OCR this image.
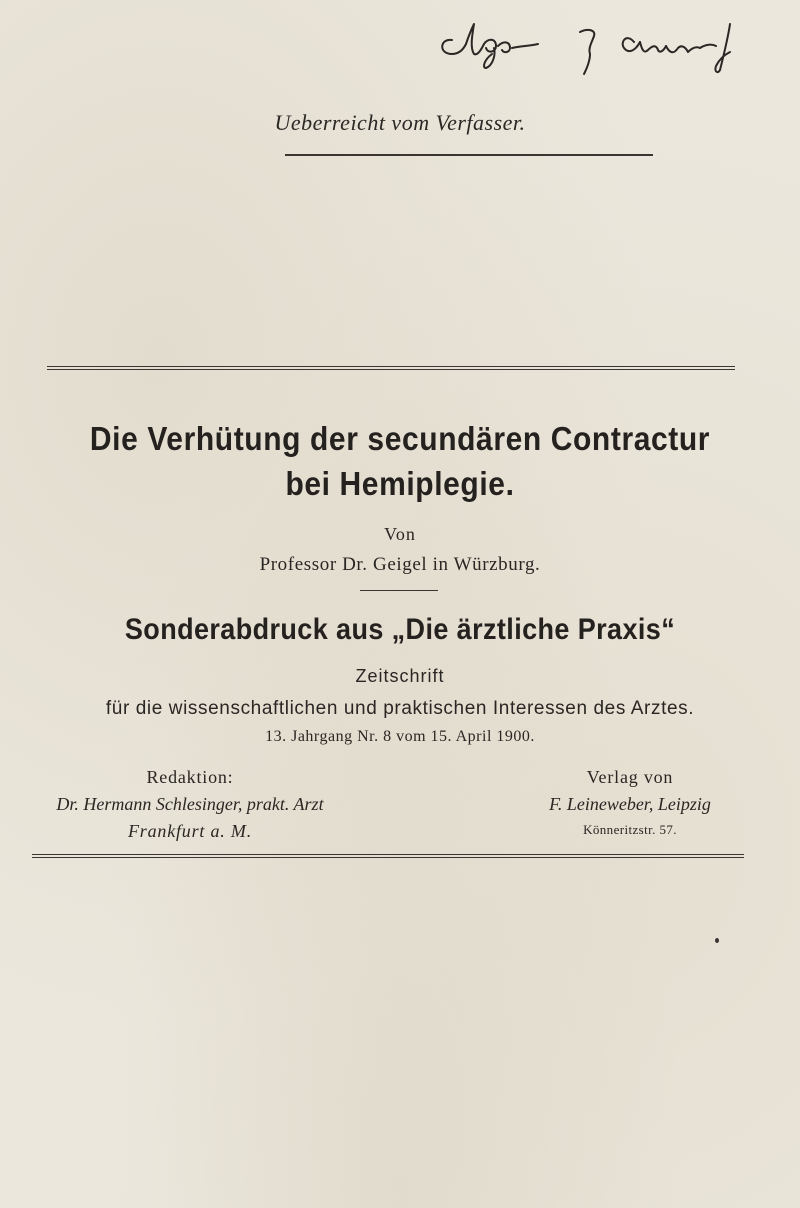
Ueberreicht vom Verfasser.
Die Verhütung der secundären Contractur
bei Hemiplegie.
Von
Professor Dr. Geigel in Würzburg.
Sonderabdruck aus „Die ärztliche Praxis“
Zeitschrift
für die wissenschaftlichen und praktischen Interessen des Arztes.
13. Jahrgang Nr. 8 vom 15. April 1900.
Redaktion:
Dr. Hermann Schlesinger, prakt. Arzt
Frankfurt a. M.
Verlag von
F. Leineweber, Leipzig
Könneritzstr. 57.
